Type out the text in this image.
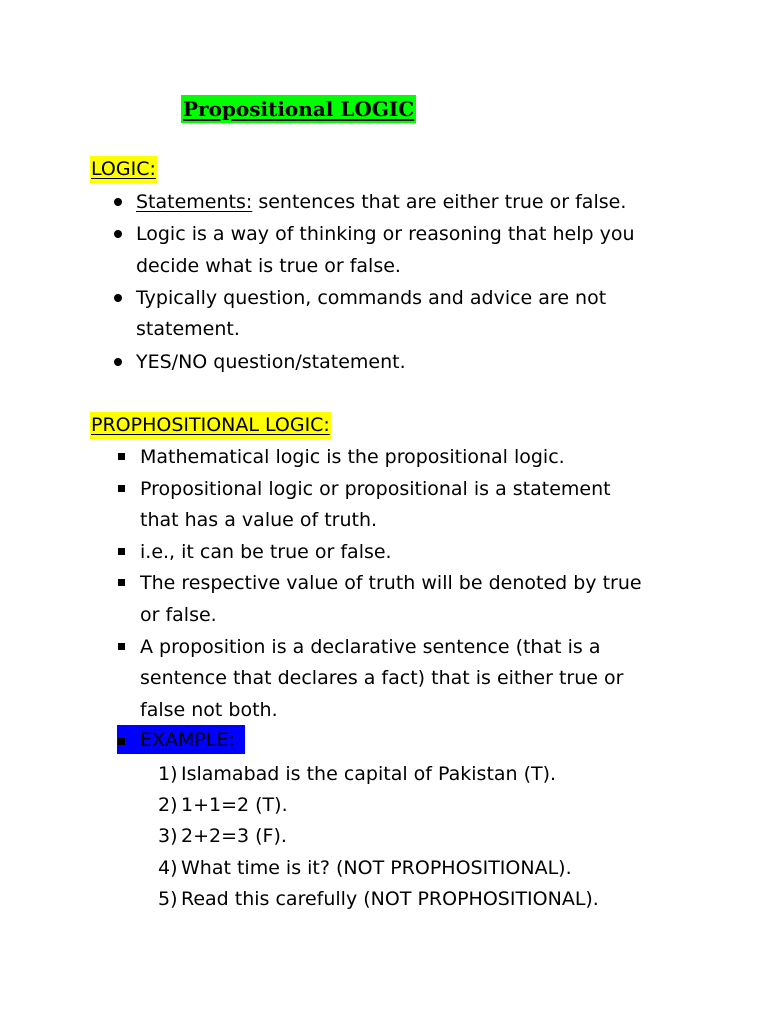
Propositional LOGIC
LOGIC:
Statements: sentences that are either true or false.
Logic is a way of thinking or reasoning that help you
decide what is true or false.
Typically question, commands and advice are not
statement.
YES/NO question/statement.
PROPHOSITIONAL LOGIC:
Mathematical logic is the propositional logic.
Propositional logic or propositional is a statement
that has a value of truth.
i.e., it can be true or false.
The respective value of truth will be denoted by true
or false.
A proposition is a declarative sentence (that is a
sentence that declares a fact) that is either true or
false not both.
EXAMPLE:
1) Islamabad is the capital of Pakistan (T).
2) 1+1=2 (T).
3) 2+2=3 (F).
4) What time is it? (NOT PROPHOSITIONAL).
5) Read this carefully (NOT PROPHOSITIONAL).
